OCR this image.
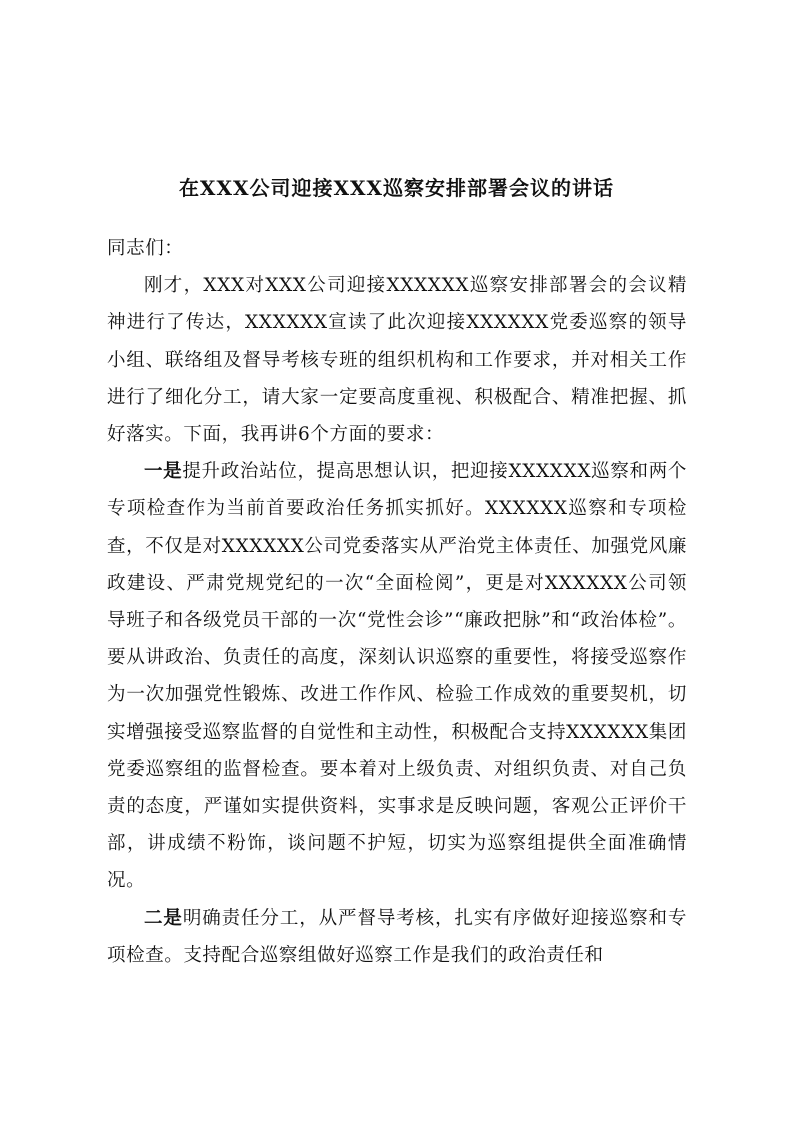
在XXX公司迎接XXX巡察安排部署会议的讲话

同志们：

刚才，XXX对XXX公司迎接XXXXXX巡察安排部署会的会议精神进行了传达，XXXXXX宣读了此次迎接XXXXXX党委巡察的领导小组、联络组及督导考核专班的组织机构和工作要求，并对相关工作进行了细化分工，请大家一定要高度重视、积极配合、精准把握、抓好落实。下面，我再讲6个方面的要求：

一是提升政治站位，提高思想认识，把迎接XXXXXX巡察和两个专项检查作为当前首要政治任务抓实抓好。XXXXXX巡察和专项检查，不仅是对XXXXXX公司党委落实从严治党主体责任、加强党风廉政建设、严肃党规党纪的一次“全面检阅”，更是对XXXXXX公司领导班子和各级党员干部的一次“党性会诊”“廉政把脉”和“政治体检”。要从讲政治、负责任的高度，深刻认识巡察的重要性，将接受巡察作为一次加强党性锻炼、改进工作作风、检验工作成效的重要契机，切实增强接受巡察监督的自觉性和主动性，积极配合支持XXXXXX集团党委巡察组的监督检查。要本着对上级负责、对组织负责、对自己负责的态度，严谨如实提供资料，实事求是反映问题，客观公正评价干部，讲成绩不粉饰，谈问题不护短，切实为巡察组提供全面准确情况。

二是明确责任分工，从严督导考核，扎实有序做好迎接巡察和专项检查。支持配合巡察组做好巡察工作是我们的政治责任和
